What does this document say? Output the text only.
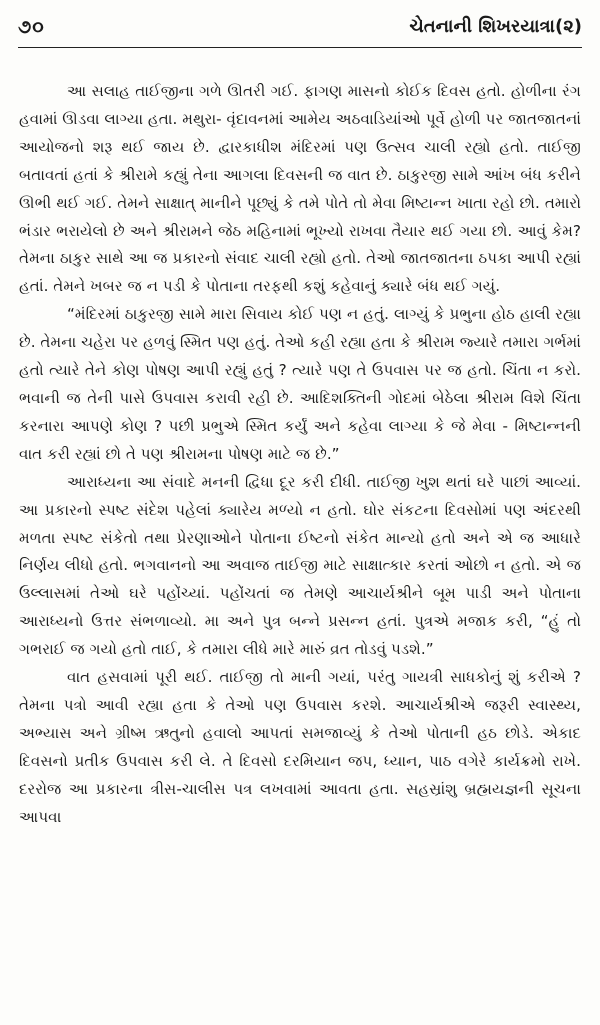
૭૦	ચેતનાની શિખરયાત્રા(૨)

આ સલાહ તાઈજીના ગળે ઊતરી ગઈ. ફાગણ માસનો કોઈક દિવસ હતો. હોળીના રંગ હવામાં ઊડવા લાગ્યા હતા. મથુરા- વૃંદાવનમાં આમેય અઠવાડિયાંઓ પૂર્વે હોળી પર જાતજાતનાં આયોજનો શરૂ થઈ જાય છે. દ્વારકાધીશ મંદિરમાં પણ ઉત્સવ ચાલી રહ્યો હતો. તાઈજી બતાવતાં હતાં કે શ્રીરામે કહ્યું તેના આગલા દિવસની જ વાત છે. ઠાકુરજી સામે આંખ બંધ કરીને ઊભી થઈ ગઈ. તેમને સાક્ષાત્ માનીને પૂછ્યું કે તમે પોતે તો મેવા મિષ્ટાન્ન ખાતા રહો છો. તમારો ભંડાર ભરાયેલો છે અને શ્રીરામને જેઠ મહિનામાં ભૂખ્યો રાખવા તૈયાર થઈ ગયા છો. આવું કેમ? તેમના ઠાકુર સાથે આ જ પ્રકારનો સંવાદ ચાલી રહ્યો હતો. તેઓ જાતજાતના ઠપકા આપી રહ્યાં હતાં. તેમને ખબર જ ન પડી કે પોતાના તરફથી કશું કહેવાનું ક્યારે બંધ થઈ ગયું.

“મંદિરમાં ઠાકુરજી સામે મારા સિવાય કોઈ પણ ન હતું. લાગ્યું કે પ્રભુના હોઠ હાલી રહ્યા છે. તેમના ચહેરા પર હળવું સ્મિત પણ હતું. તેઓ કહી રહ્યા હતા કે શ્રીરામ જ્યારે તમારા ગર્ભમાં હતો ત્યારે તેને કોણ પોષણ આપી રહ્યું હતું ? ત્યારે પણ તે ઉપવાસ પર જ હતો. ચિંતા ન કરો. ભવાની જ તેની પાસે ઉપવાસ કરાવી રહી છે. આદિશક્તિની ગોદમાં બેઠેલા શ્રીરામ વિશે ચિંતા કરનારા આપણે કોણ ? પછી પ્રભુએ સ્મિત કર્યું અને કહેવા લાગ્યા કે જે મેવા - મિષ્ટાન્નની વાત કરી રહ્યાં છો તે પણ શ્રીરામના પોષણ માટે જ છે.”

આરાધ્યના આ સંવાદે મનની દ્વિધા દૂર કરી દીધી. તાઈજી ખુશ થતાં ઘરે પાછાં આવ્યાં. આ પ્રકારનો સ્પષ્ટ સંદેશ પહેલાં ક્યારેય મળ્યો ન હતો. ઘોર સંકટના દિવસોમાં પણ અંદરથી મળતા સ્પષ્ટ સંકેતો તથા પ્રેરણાઓને પોતાના ઈષ્ટનો સંકેત માન્યો હતો અને એ જ આધારે નિર્ણય લીધો હતો. ભગવાનનો આ અવાજ તાઈજી માટે સાક્ષાત્કાર કરતાં ઓછો ન હતો. એ જ ઉલ્લાસમાં તેઓ ઘરે પહોંચ્યાં. પહોંચતાં જ તેમણે આચાર્યશ્રીને બૂમ પાડી અને પોતાના આરાધ્યનો ઉત્તર સંભળાવ્યો. મા અને પુત્ર બન્ને પ્રસન્ન હતાં. પુત્રએ મજાક કરી, “હું તો ગભરાઈ જ ગયો હતો તાઈ, કે તમારા લીધે મારે મારું વ્રત તોડવું પડશે.”

વાત હસવામાં પૂરી થઈ. તાઈજી તો માની ગયાં, પરંતુ ગાયત્રી સાધકોનું શું કરીએ ? તેમના પત્રો આવી રહ્યા હતા કે તેઓ પણ ઉપવાસ કરશે. આચાર્યશ્રીએ જરૂરી સ્વાસ્થ્ય, અભ્યાસ અને ગ્રીષ્મ ઋતુનો હવાલો આપતાં સમજાવ્યું કે તેઓ પોતાની હઠ છોડે. એકાદ દિવસનો પ્રતીક ઉપવાસ કરી લે. તે દિવસો દરમિયાન જપ, ધ્યાન, પાઠ વગેરે કાર્યક્રમો રાખે. દરરોજ આ પ્રકારના ત્રીસ-ચાલીસ પત્ર લખવામાં આવતા હતા. સહસ્રાંશુ બ્રહ્મયજ્ઞની સૂચના આપવા
